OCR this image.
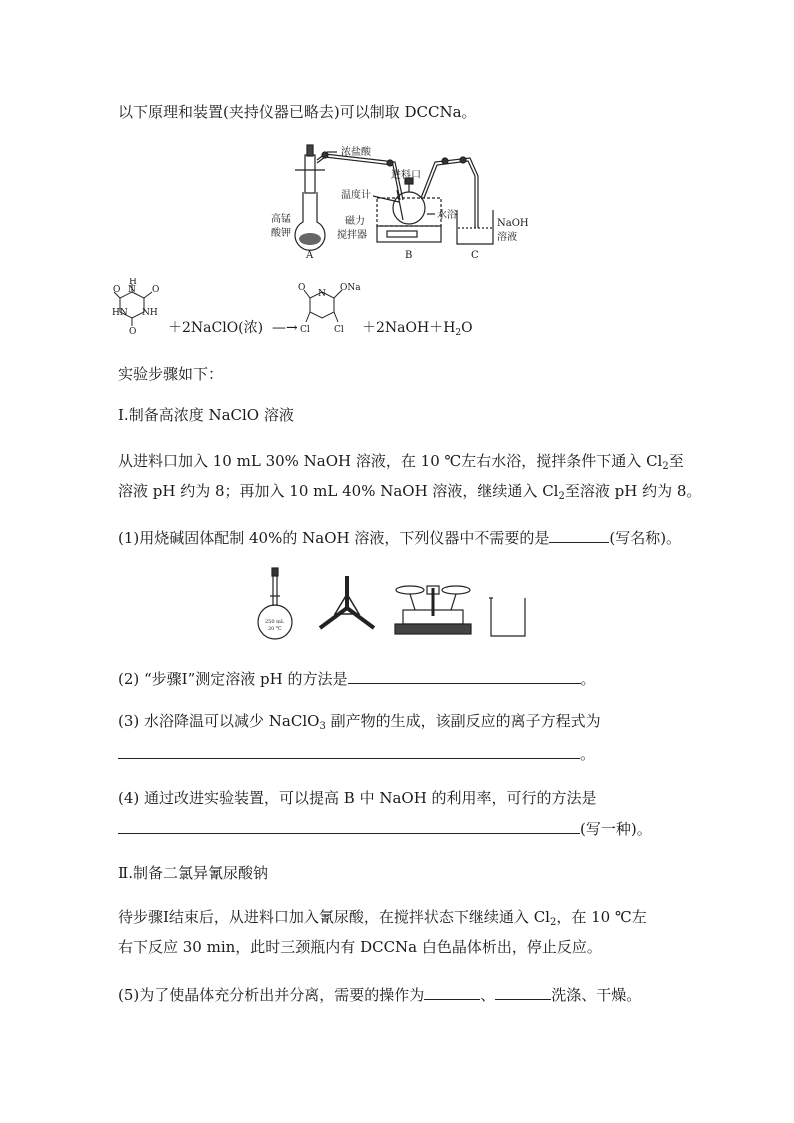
以下原理和装置(夹持仪器已略去)可以制取 DCCNa。
浓盐酸
进料口
温度计
水浴
高锰
酸钾
磁力
搅拌器
NaOH
溶液
A	B	C
O
H
N O
HN NH
O
O	ONa
N
Cl	Cl
＋2NaClO(浓) —→	$+2NaOH+H_2O$
实验步骤如下：
Ⅰ.制备高浓度 NaClO 溶液
从进料口加入 10 mL 30% NaOH 溶液，在 10 ℃左右水浴，搅拌条件下通入 $Cl_2$至
溶液 pH 约为 8；再加入 10 mL 40% NaOH 溶液，继续通入 $Cl_2$至溶液 pH 约为 8。
(1)用烧碱固体配制 40%的 NaOH 溶液，下列仪器中不需要的是	(写名称)。
250 mL
20 ℃
(2) “步骤Ⅰ”测定溶液 pH 的方法是	。
(3) 水浴降温可以减少 NaClO$_3$ 副产物的生成，该副反应的离子方程式为
。
(4) 通过改进实验装置，可以提高 B 中 NaOH 的利用率，可行的方法是
(写一种)。
Ⅱ.制备二氯异氰尿酸钠
待步骤Ⅰ结束后，从进料口加入氰尿酸，在搅拌状态下继续通入 $Cl_2$，在 10 ℃左
右下反应 30 min，此时三颈瓶内有 DCCNa 白色晶体析出，停止反应。
(5)为了使晶体充分析出并分离，需要的操作为	、	洗涤、干燥。
